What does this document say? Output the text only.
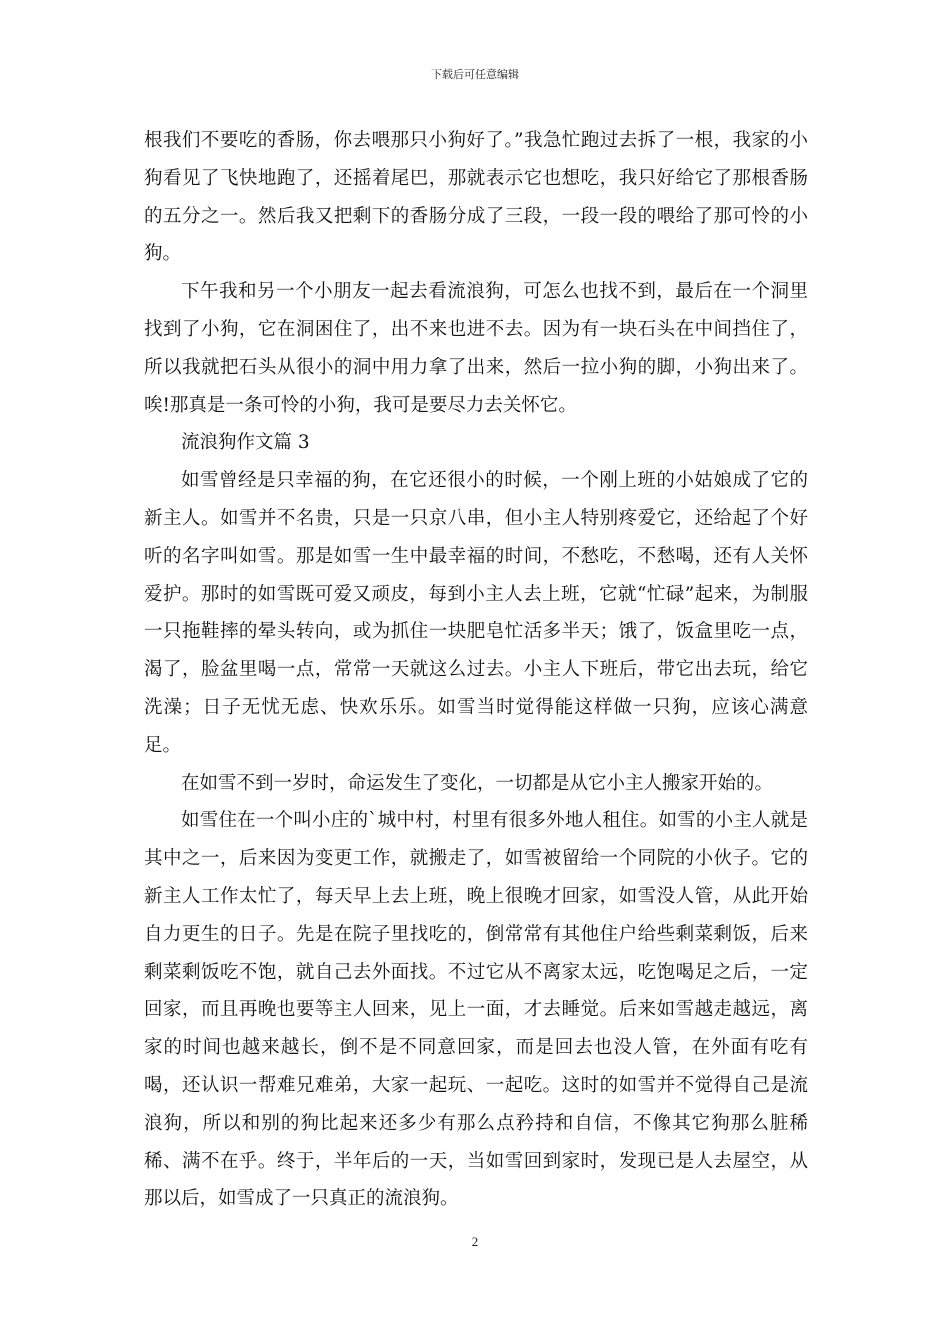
下载后可任意编辑

根我们不要吃的香肠，你去喂那只小狗好了。”我急忙跑过去拆了一根，我家的小狗看见了飞快地跑了，还摇着尾巴，那就表示它也想吃，我只好给它了那根香肠的五分之一。然后我又把剩下的香肠分成了三段，一段一段的喂给了那可怜的小狗。

下午我和另一个小朋友一起去看流浪狗，可怎么也找不到，最后在一个洞里找到了小狗，它在洞困住了，出不来也进不去。因为有一块石头在中间挡住了，所以我就把石头从很小的洞中用力拿了出来，然后一拉小狗的脚，小狗出来了。唉!那真是一条可怜的小狗，我可是要尽力去关怀它。

流浪狗作文篇 3

如雪曾经是只幸福的狗，在它还很小的时候，一个刚上班的小姑娘成了它的新主人。如雪并不名贵，只是一只京八串，但小主人特别疼爱它，还给起了个好听的名字叫如雪。那是如雪一生中最幸福的时间，不愁吃，不愁喝，还有人关怀爱护。那时的如雪既可爱又顽皮，每到小主人去上班，它就“忙碌”起来，为制服一只拖鞋摔的晕头转向，或为抓住一块肥皂忙活多半天；饿了，饭盒里吃一点，渴了，脸盆里喝一点，常常一天就这么过去。小主人下班后，带它出去玩，给它洗澡；日子无忧无虑、快欢乐乐。如雪当时觉得能这样做一只狗，应该心满意足。

在如雪不到一岁时，命运发生了变化，一切都是从它小主人搬家开始的。

如雪住在一个叫小庄的`城中村，村里有很多外地人租住。如雪的小主人就是其中之一，后来因为变更工作，就搬走了，如雪被留给一个同院的小伙子。它的新主人工作太忙了，每天早上去上班，晚上很晚才回家，如雪没人管，从此开始自力更生的日子。先是在院子里找吃的，倒常常有其他住户给些剩菜剩饭，后来剩菜剩饭吃不饱，就自己去外面找。不过它从不离家太远，吃饱喝足之后，一定回家，而且再晚也要等主人回来，见上一面，才去睡觉。后来如雪越走越远，离家的时间也越来越长，倒不是不同意回家，而是回去也没人管，在外面有吃有喝，还认识一帮难兄难弟，大家一起玩、一起吃。这时的如雪并不觉得自己是流浪狗，所以和别的狗比起来还多少有那么点矜持和自信，不像其它狗那么脏稀稀、满不在乎。终于，半年后的一天，当如雪回到家时，发现已是人去屋空，从那以后，如雪成了一只真正的流浪狗。

2
